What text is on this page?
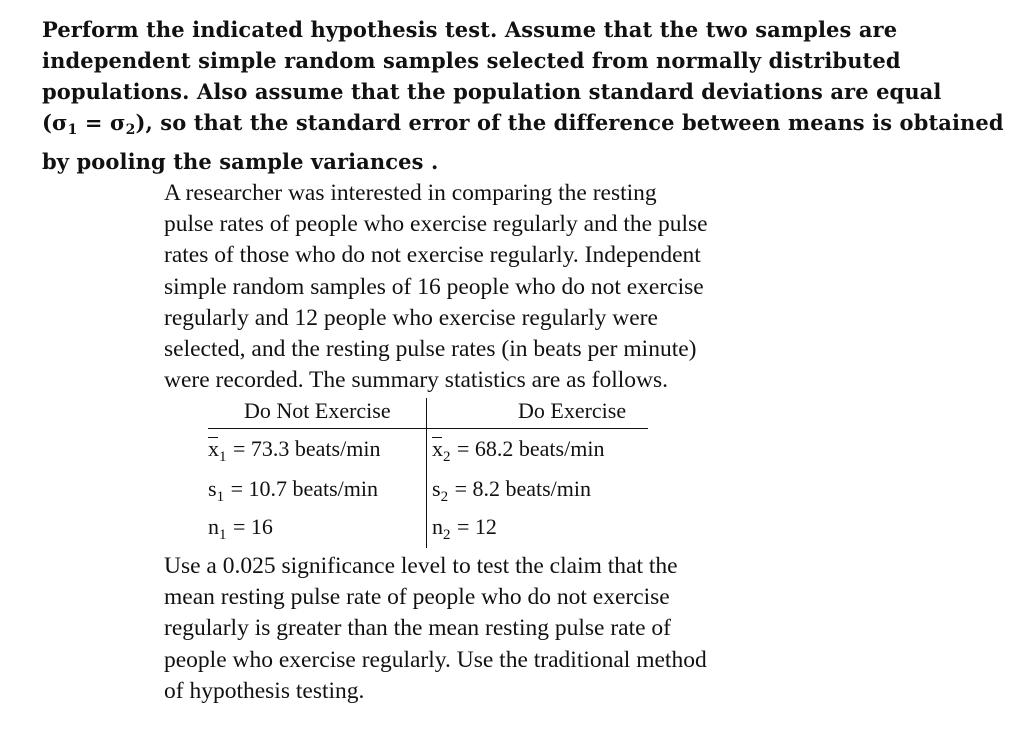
Perform the indicated hypothesis test. Assume that the two samples are
independent simple random samples selected from normally distributed
populations. Also assume that the population standard deviations are equal
(σ1 = σ2), so that the standard error of the difference between means is obtained
by pooling the sample variances .
A researcher was interested in comparing the resting
pulse rates of people who exercise regularly and the pulse
rates of those who do not exercise regularly. Independent
simple random samples of 16 people who do not exercise
regularly and 12 people who exercise regularly were
selected, and the resting pulse rates (in beats per minute)
were recorded. The summary statistics are as follows.
Do Not Exercise	Do Exercise
$x_1 = 73.3$ beats/min $x_2 = 68.2$ beats/min
$s_1 = 10.7$ beats/min $s_2 = 8.2$ beats/min
$n_1 = 16$	$n_2 = 12$
Use a 0.025 significance level to test the claim that the
mean resting pulse rate of people who do not exercise
regularly is greater than the mean resting pulse rate of
people who exercise regularly. Use the traditional method
of hypothesis testing.
